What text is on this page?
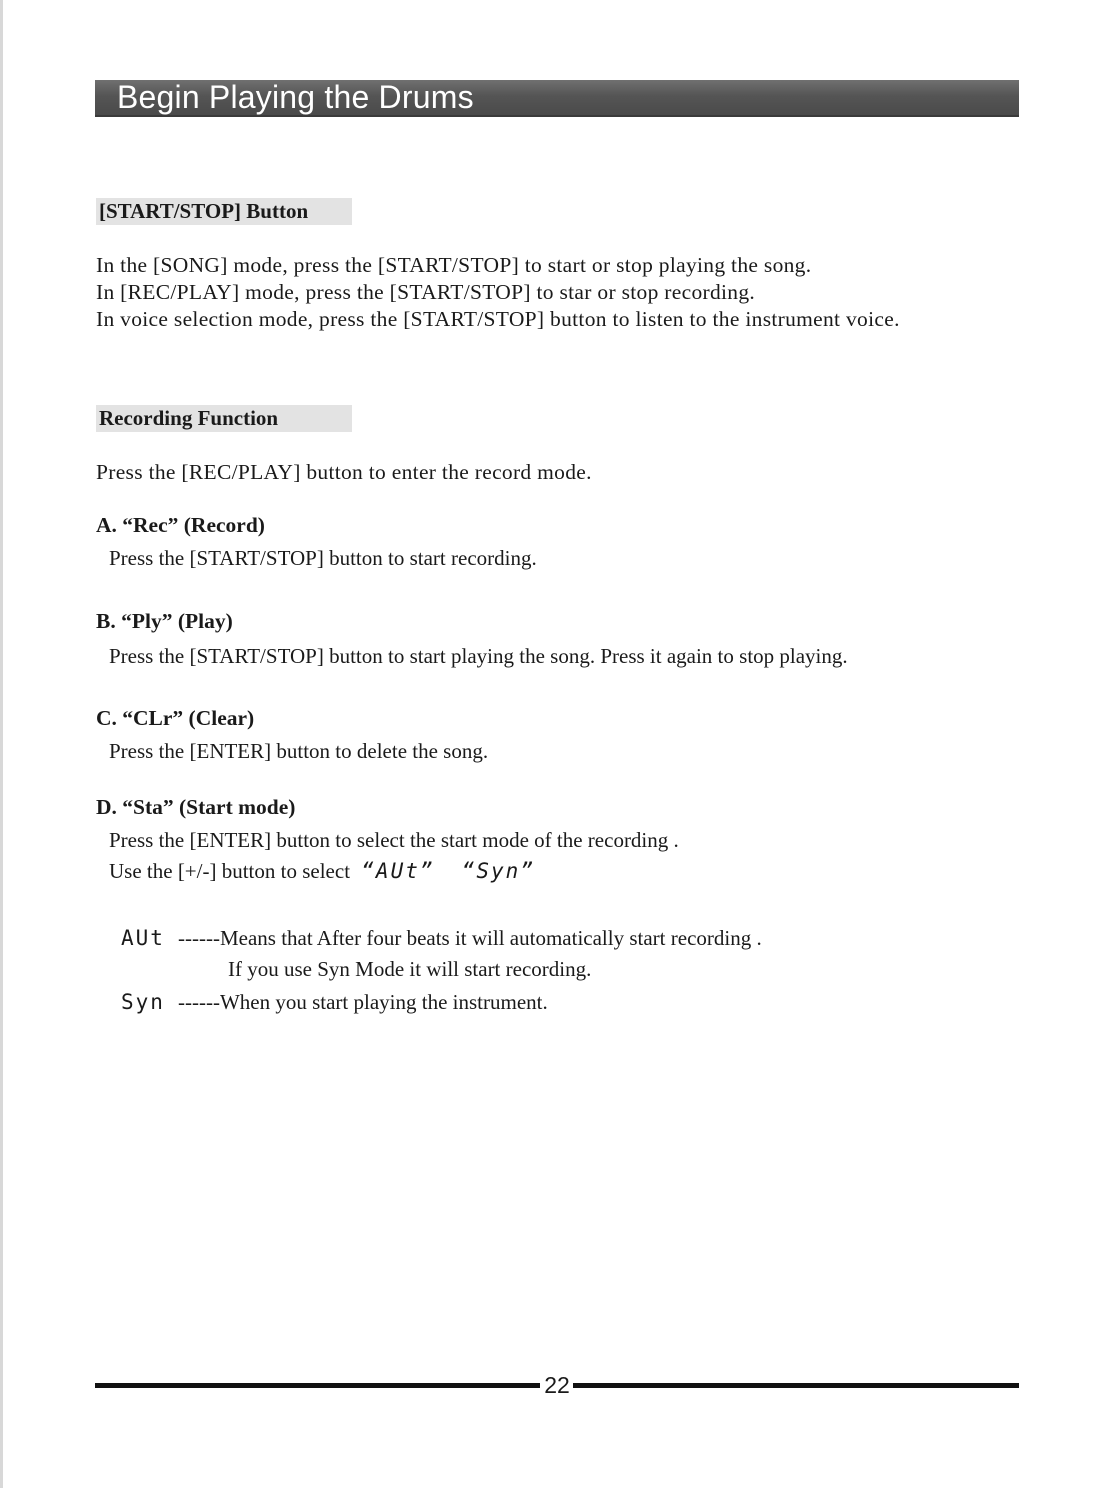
Begin Playing the Drums
[START/STOP] Button
In the [SONG] mode, press the [START/STOP] to start or stop playing the song.
In [REC/PLAY] mode, press the [START/STOP] to star or stop recording.
In voice selection mode, press the [START/STOP] button to listen to the instrument voice.
Recording Function
Press the [REC/PLAY] button to enter the record mode.
A. “Rec” (Record)
Press the [START/STOP] button to start recording.
B. “Ply” (Play)
Press the [START/STOP] button to start playing the song. Press it again to stop playing.
C. “CLr” (Clear)
Press the [ENTER] button to delete the song.
D. “Sta” (Start mode)
Press the [ENTER] button to select the start mode of the recording .
Use the [+/-] button to select “AUt” “Syn”
AUt ------Means that After four beats it will automatically start recording .
If you use Syn Mode it will start recording.
Syn ------When you start playing the instrument.
22
